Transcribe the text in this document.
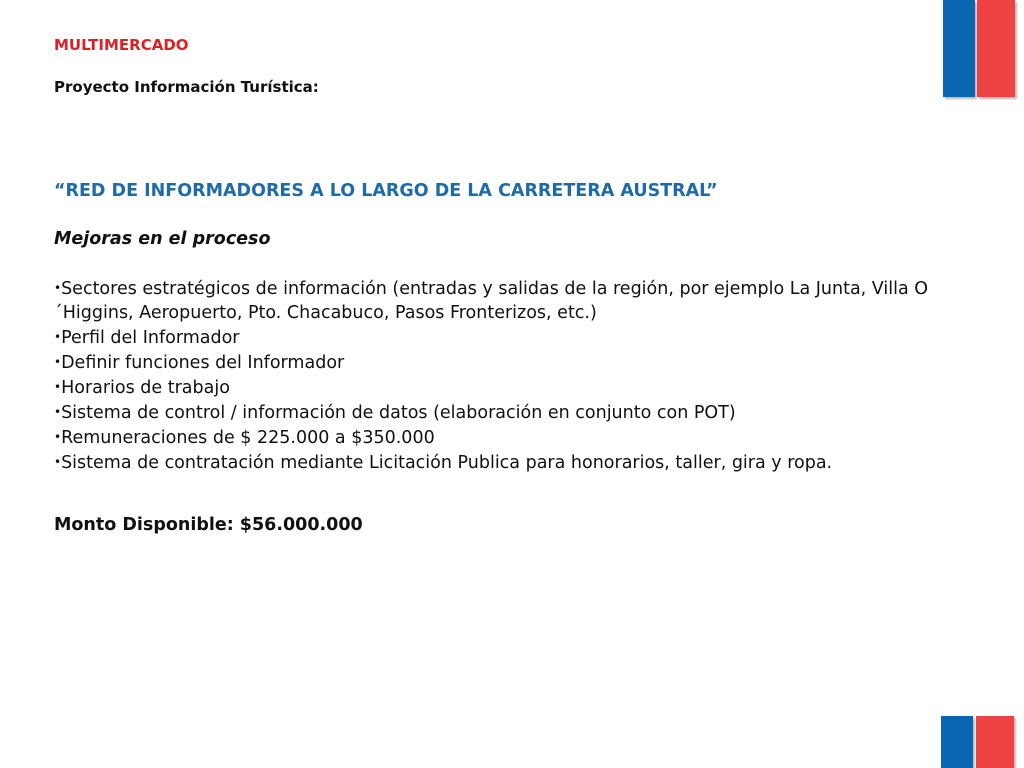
MULTIMERCADO
Proyecto Información Turística:
“RED DE INFORMADORES A LO LARGO DE LA CARRETERA AUSTRAL”
Mejoras en el proceso
•Sectores estratégicos de información (entradas y salidas de la región, por ejemplo La Junta, Villa O´Higgins, Aeropuerto, Pto. Chacabuco, Pasos Fronterizos, etc.)
•Perfil del Informador
•Definir funciones del Informador
•Horarios de trabajo
•Sistema de control / información de datos (elaboración en conjunto con POT)
•Remuneraciones de $ 225.000 a $350.000
•Sistema de contratación mediante Licitación Publica para honorarios, taller, gira y ropa.

Monto Disponible: $56.000.000
